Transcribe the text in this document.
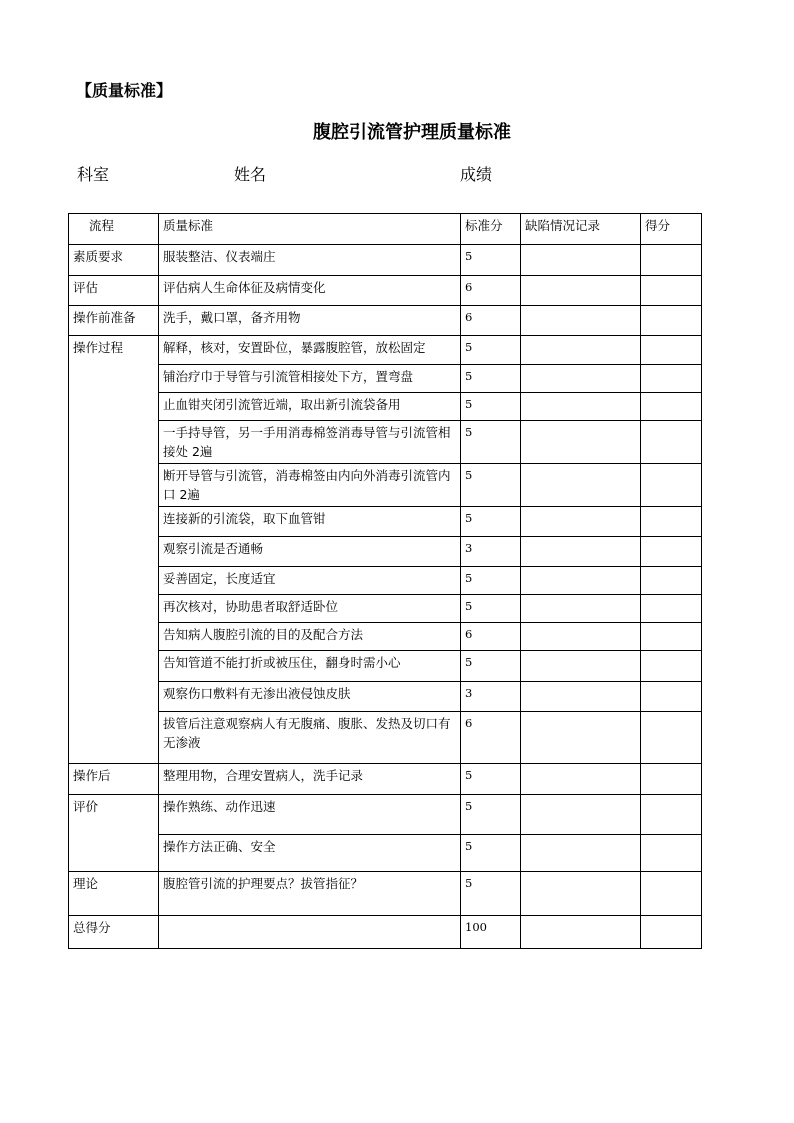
【质量标准】
腹腔引流管护理质量标准
科室	姓名	成绩
流程	质量标准	标准分	缺陷情况记录	得分
素质要求	服装整洁、仪表端庄	5		
评估	评估病人生命体征及病情变化	6		
操作前准备	洗手，戴口罩，备齐用物	6		
操作过程	解释，核对，安置卧位，暴露腹腔管，放松固定	5		
	铺治疗巾于导管与引流管相接处下方，置弯盘	5		
	止血钳夹闭引流管近端，取出新引流袋备用	5		
	一手持导管，另一手用消毒棉签消毒导管与引流管相接处 2遍	5		
	断开导管与引流管，消毒棉签由内向外消毒引流管内口 2遍	5		
	连接新的引流袋，取下血管钳	5		
	观察引流是否通畅	3		
	妥善固定，长度适宜	5		
	再次核对，协助患者取舒适卧位	5		
	告知病人腹腔引流的目的及配合方法	6		
	告知管道不能打折或被压住，翻身时需小心	5		
	观察伤口敷料有无渗出液侵蚀皮肤	3		
	拔管后注意观察病人有无腹痛、腹胀、发热及切口有无渗液	6		
操作后	整理用物，合理安置病人，洗手记录	5		
评价	操作熟练、动作迅速	5		
	操作方法正确、安全	5		
理论	腹腔管引流的护理要点？拔管指征？	5		
总得分		100		
